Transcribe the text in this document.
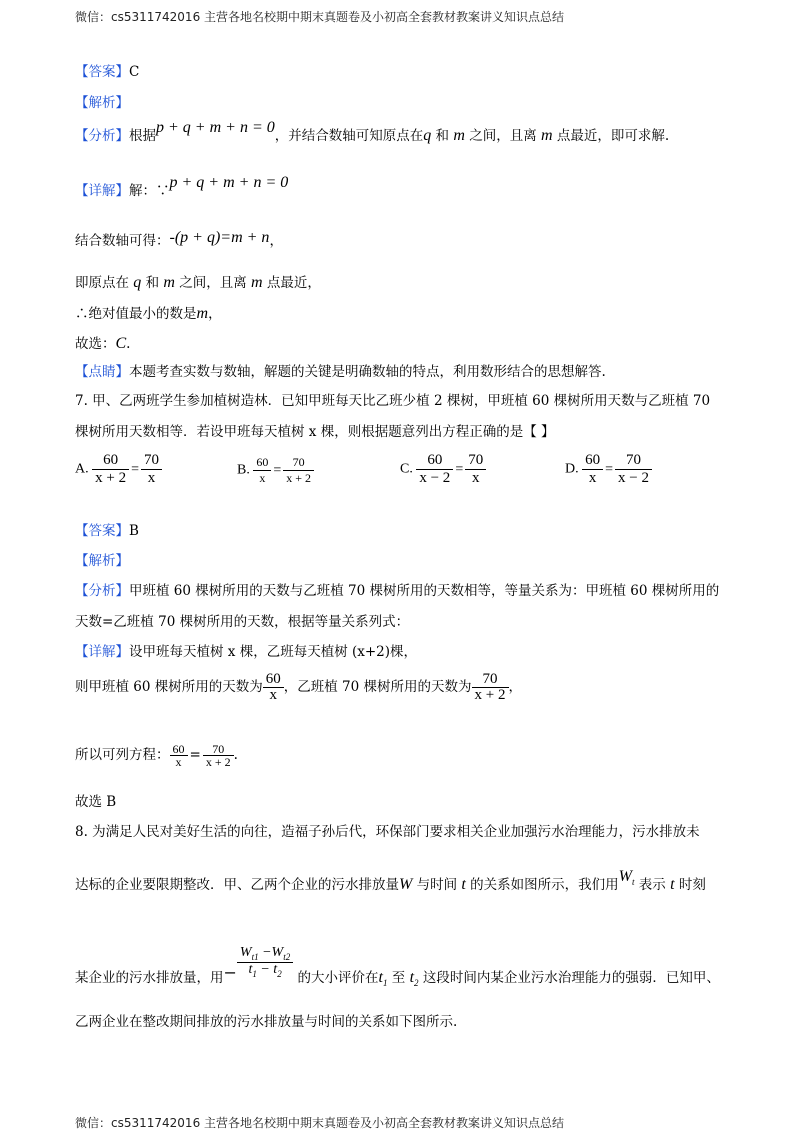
微信：cs5311742016 主营各地名校期中期末真题卷及小初高全套教材教案讲义知识点总结
【答案】C
【解析】
【分析】根据p + q + m + n = 0，并结合数轴可知原点在q 和 m 之间，且离 m 点最近，即可求解.
【详解】解：∵p + q + m + n = 0
结合数轴可得：-(p + q)=m + n，
即原点在 q 和 m 之间，且离 m 点最近，
∴绝对值最小的数是m，
故选：C.
【点睛】本题考查实数与数轴，解题的关键是明确数轴的特点，利用数形结合的思想解答.
7. 甲、乙两班学生参加植树造林．已知甲班每天比乙班少植 2 棵树，甲班植 60 棵树所用天数与乙班植 70
棵树所用天数相等．若设甲班每天植树 x 棵，则根据题意列出方程正确的是【 】
A. $\frac{60}{x + 2} = \frac{70}{x}$	B. $\frac{60}{x} = \frac{70}{x + 2}$	C. $\frac{60}{x - 2} = \frac{70}{x}$	D. $\frac{60}{x} = \frac{70}{x - 2}$
【答案】B
【解析】
【分析】甲班植 60 棵树所用的天数与乙班植 70 棵树所用的天数相等，等量关系为：甲班植 60 棵树所用的
天数=乙班植 70 棵树所用的天数，根据等量关系列式：
【详解】设甲班每天植树 x 棵，乙班每天植树 (x+2)棵，
则甲班植 60 棵树所用的天数为 $\frac{60}{x}$ ，乙班植 70 棵树所用的天数为 $\frac{70}{x + 2}$ ，
所以可列方程： $\frac{60}{x} = \frac{70}{x + 2}$ .
故选 B
8. 为满足人民对美好生活的向往，造福子孙后代，环保部门要求相关企业加强污水治理能力，污水排放未
达标的企业要限期整改．甲、乙两个企业的污水排放量W 与时间 t 的关系如图所示，我们用$W_t$ 表示 t 时刻
某企业的污水排放量，用− $\frac{W_{t1} -W_{t2}}{t_1 - t_2}$ 的大小评价在$t_1$ 至 $t_2$ 这段时间内某企业污水治理能力的强弱．已知甲、
乙两企业在整改期间排放的污水排放量与时间的关系如下图所示.
微信：cs5311742016 主营各地名校期中期末真题卷及小初高全套教材教案讲义知识点总结
